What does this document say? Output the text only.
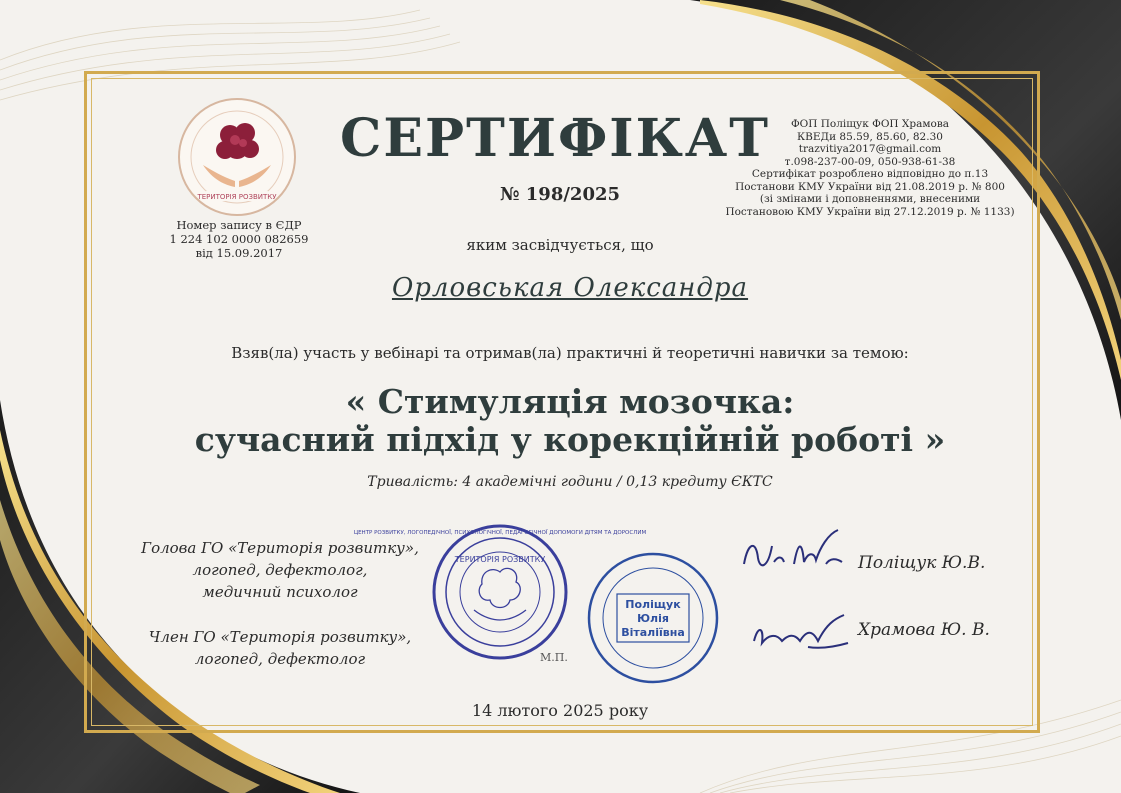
ТЕРИТОРІЯ РОЗВИТКУ
Номер запису в ЄДР
1 224 102 0000 082659
від 15.09.2017
СЕРТИФІКАТ
№ 198/2025
ФОП Поліщук ФОП Храмова
КВЕДи 85.59, 85.60, 82.30
trazvitiya2017@gmail.com
т.098-237-00-09, 050-938-61-38
Сертифікат розроблено відповідно до п.13
Постанови КМУ України від 21.08.2019 р. № 800
(зі змінами і доповненнями, внесеними
Постановою КМУ України від 27.12.2019 р. № 1133)
яким засвідчується, що
Орловськая Олександра
Взяв(ла) участь у вебінарі та отримав(ла) практичні й теоретичні навички за темою:
« Стимуляція мозочка:
сучасний підхід у корекційній роботі »
Тривалість: 4 академічні години / 0,13 кредиту ЄКТС
Голова ГО «Територія розвитку»,
логопед, дефектолог,
медичний психолог
Член ГО «Територія розвитку»,
логопед, дефектолог
ТЕРИТОРІЯ РОЗВИТКУ
ЦЕНТР РОЗВИТКУ, ЛОГОПЕДІЧНОЇ, ПСИХОЛОГІЧНОЇ, ПЕДАГОГІЧНОЇ ДОПОМОГИ ДІТЯМ ТА ДОРОСЛИМ
М.П.
Поліщук
Юлія
Віталіївна
Поліщук Ю.В.
Храмова Ю. В.
14 лютого 2025 року
